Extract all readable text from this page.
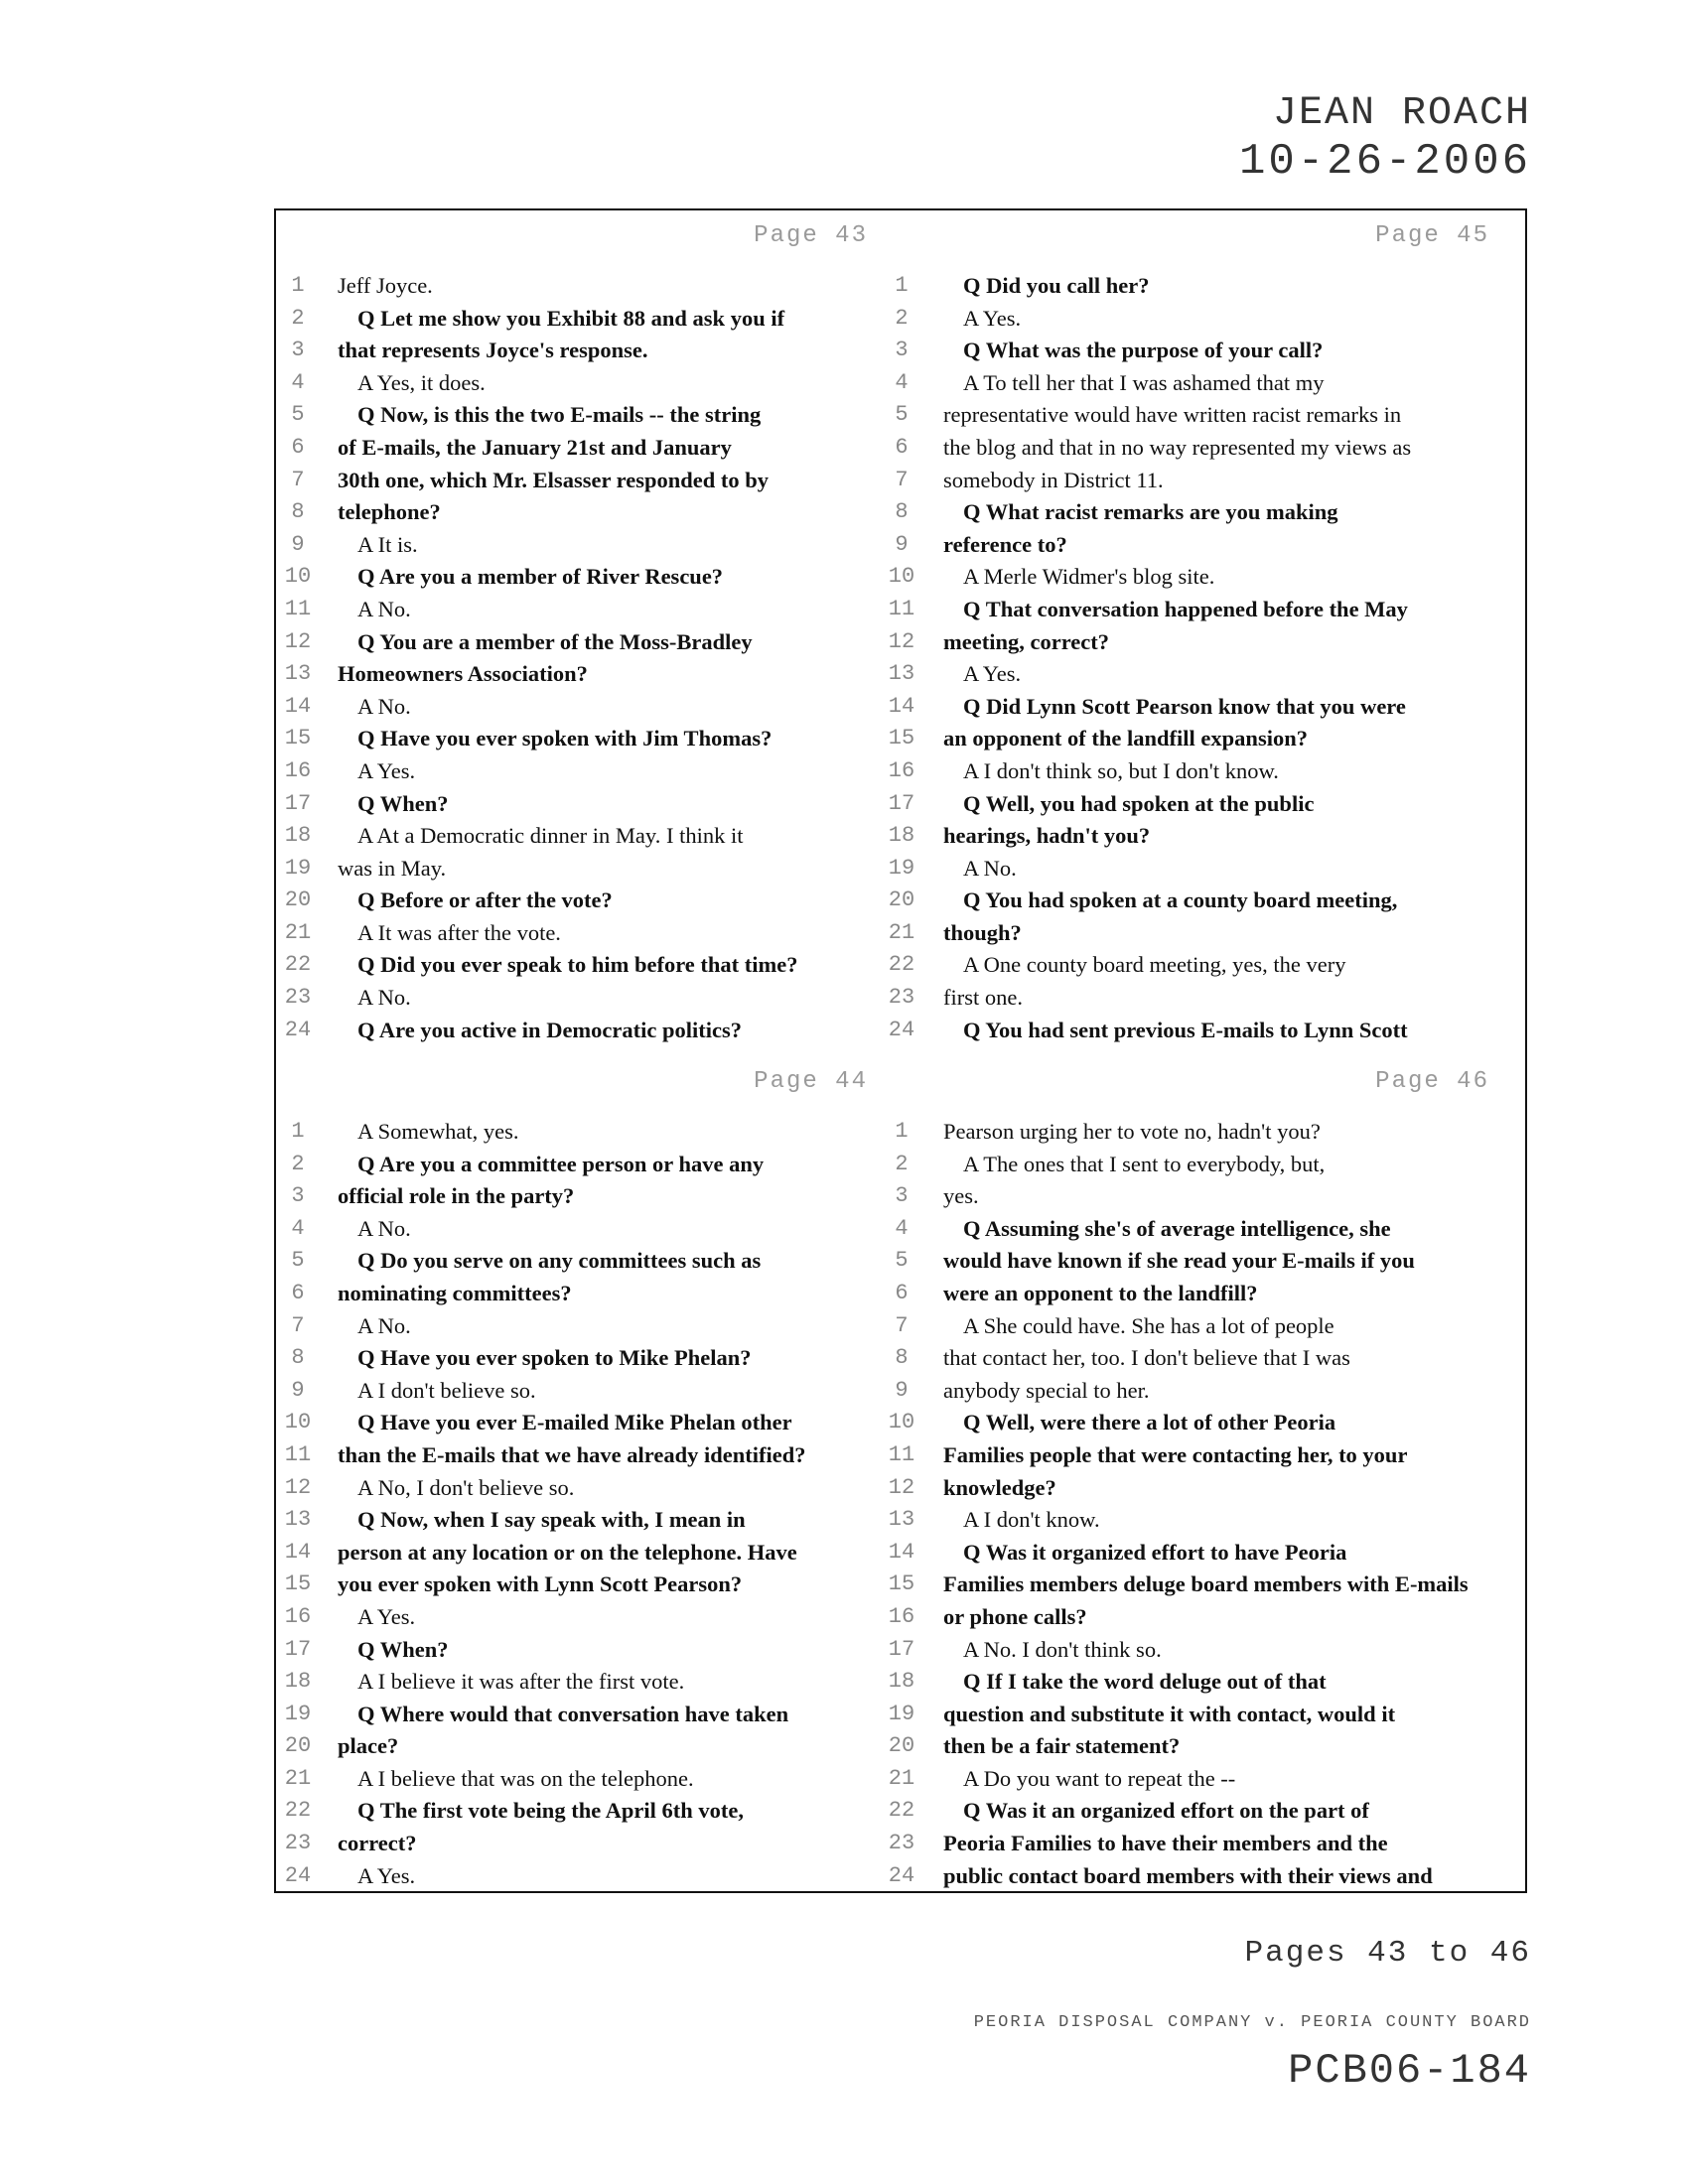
JEAN ROACH
10-26-2006
Page 43
1	Jeff Joyce.
2	Q Let me show you Exhibit 88 and ask you if
3	that represents Joyce's response.
4	A Yes, it does.
5	Q Now, is this the two E-mails -- the string
6	of E-mails, the January 21st and January
7	30th one, which Mr. Elsasser responded to by
8	telephone?
9	A It is.
10	Q Are you a member of River Rescue?
11	A No.
12	Q You are a member of the Moss-Bradley
13 Homeowners Association?
14	A No.
15	Q Have you ever spoken with Jim Thomas?
16	A Yes.
17	Q When?
18	A At a Democratic dinner in May. I think it
19 was in May.
20	Q Before or after the vote?
21	A It was after the vote.
22	Q Did you ever speak to him before that time?
23	A No.
24	Q Are you active in Democratic politics?
Page 45
1	Q Did you call her?
2	A Yes.
3	Q What was the purpose of your call?
4	A To tell her that I was ashamed that my
5	representative would have written racist remarks in
6	the blog and that in no way represented my views as
7	somebody in District 11.
8	Q What racist remarks are you making
9	reference to?
10	A Merle Widmer's blog site.
11	Q That conversation happened before the May
12 meeting, correct?
13	A Yes.
14	Q Did Lynn Scott Pearson know that you were
15 an opponent of the landfill expansion?
16	A I don't think so, but I don't know.
17	Q Well, you had spoken at the public
18 hearings, hadn't you?
19	A No.
20	Q You had spoken at a county board meeting,
21 though?
22	A One county board meeting, yes, the very
23 first one.
24	Q You had sent previous E-mails to Lynn Scott
Page 44
1	A Somewhat, yes.
2	Q Are you a committee person or have any
3	official role in the party?
4	A No.
5	Q Do you serve on any committees such as
6	nominating committees?
7	A No.
8	Q Have you ever spoken to Mike Phelan?
9	A I don't believe so.
10	Q Have you ever E-mailed Mike Phelan other
11 than the E-mails that we have already identified?
12	A No, I don't believe so.
13	Q Now, when I say speak with, I mean in
14 person at any location or on the telephone. Have
15 you ever spoken with Lynn Scott Pearson?
16	A Yes.
17	Q When?
18	A I believe it was after the first vote.
19	Q Where would that conversation have taken
20 place?
21	A I believe that was on the telephone.
22	Q The first vote being the April 6th vote,
23 correct?
24	A Yes.
Page 46
1	Pearson urging her to vote no, hadn't you?
2	A The ones that I sent to everybody, but,
3	yes.
4	Q Assuming she's of average intelligence, she
5	would have known if she read your E-mails if you
6	were an opponent to the landfill?
7	A She could have. She has a lot of people
8	that contact her, too. I don't believe that I was
9	anybody special to her.
10	Q Well, were there a lot of other Peoria
11 Families people that were contacting her, to your
12 knowledge?
13	A I don't know.
14	Q Was it organized effort to have Peoria
15 Families members deluge board members with E-mails
16 or phone calls?
17	A No. I don't think so.
18	Q If I take the word deluge out of that
19 question and substitute it with contact, would it
20 then be a fair statement?
21	A Do you want to repeat the --
22	Q Was it an organized effort on the part of
23 Peoria Families to have their members and the
24 public contact board members with their views and
Pages 43 to 46
PEORIA DISPOSAL COMPANY v. PEORIA COUNTY BOARD
PCB06-184
